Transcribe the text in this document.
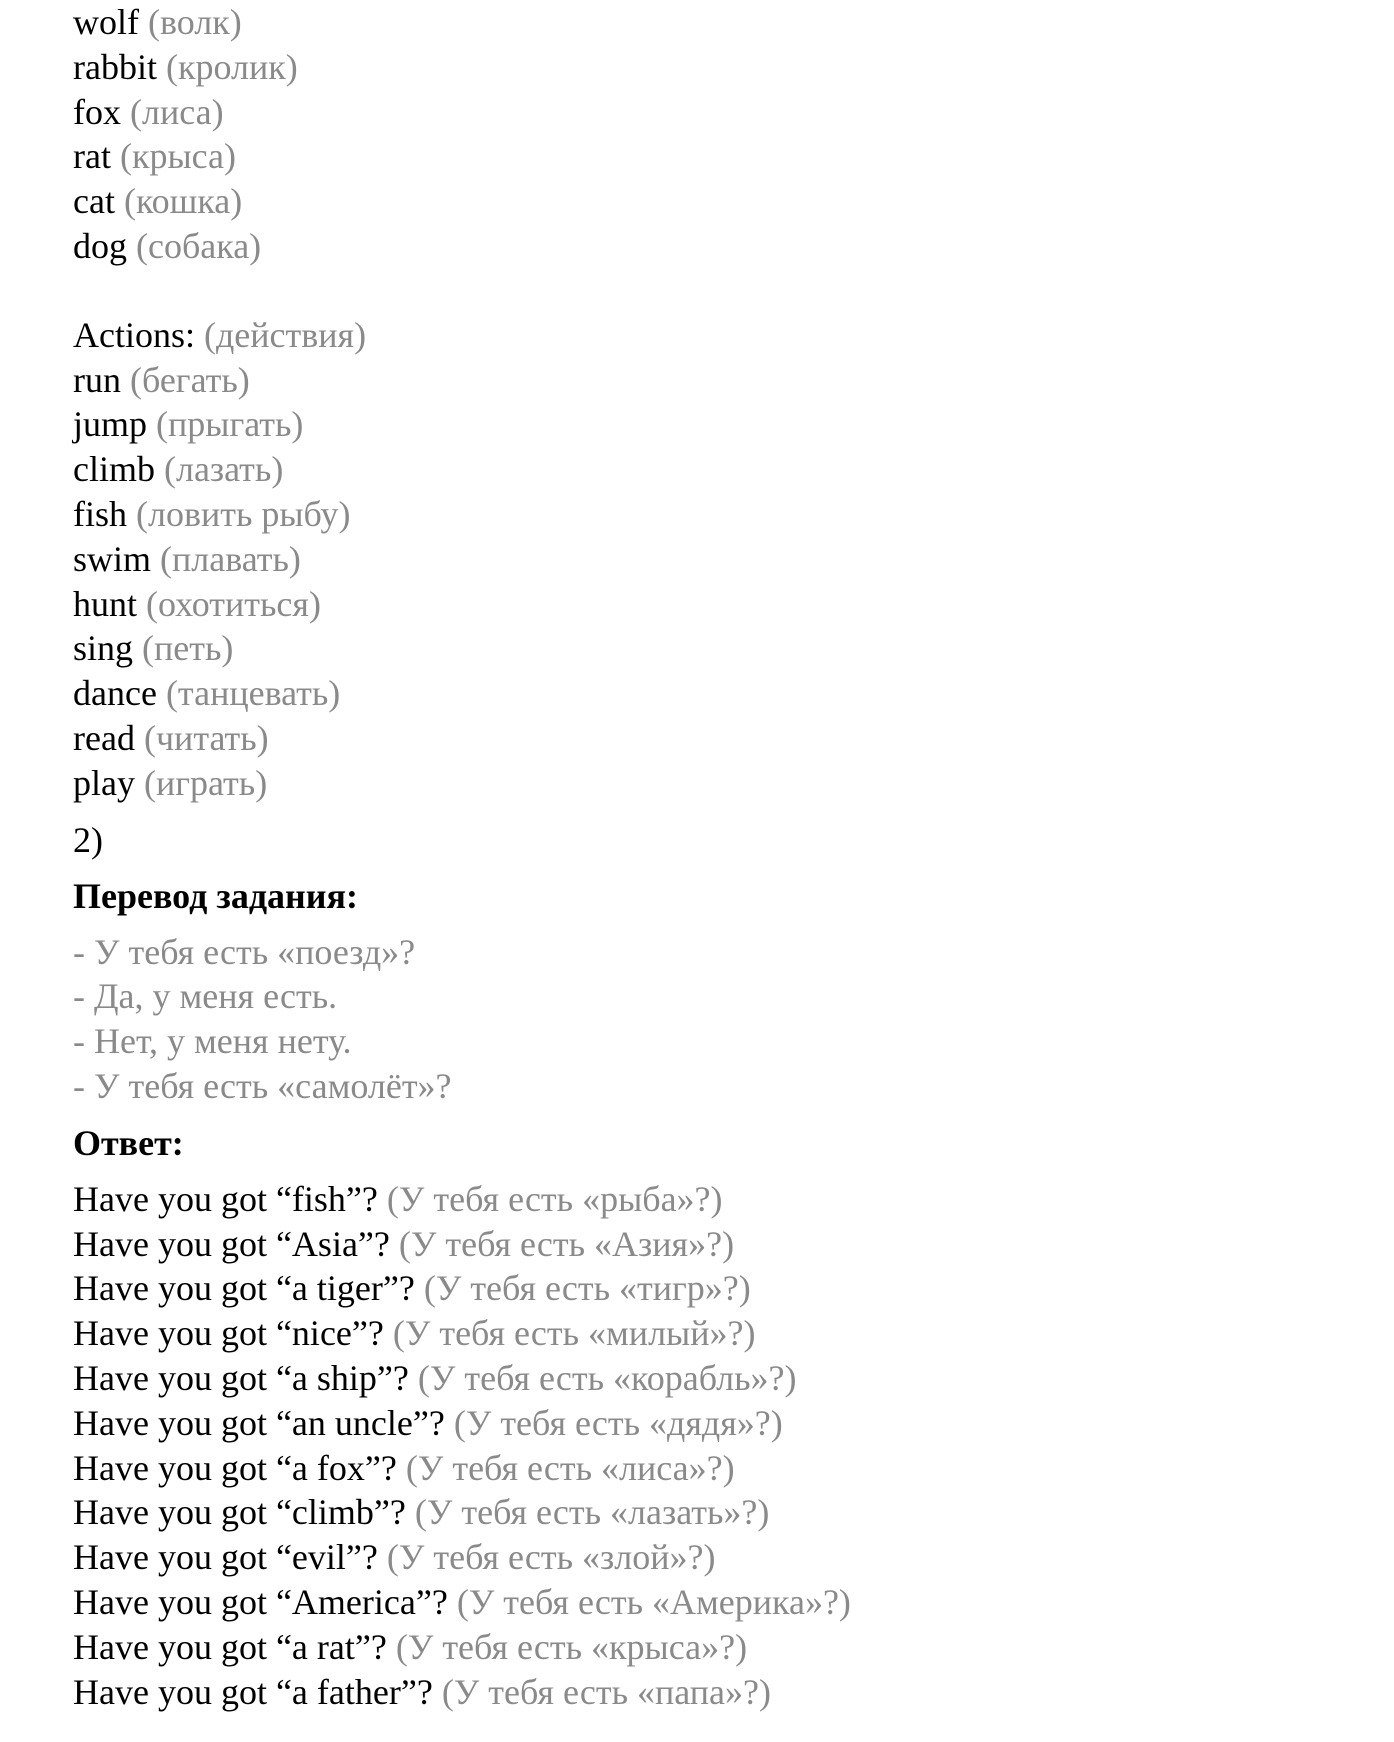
wolf (волк)
rabbit (кролик)
fox (лиса)
rat (крыса)
cat (кошка)
dog (собака)
Actions: (действия)
run (бегать)
jump (прыгать)
climb (лазать)
fish (ловить рыбу)
swim (плавать)
hunt (охотиться)
sing (петь)
dance (танцевать)
read (читать)
play (играть)
2)
Перевод задания:
- У тебя есть «поезд»?
- Да, у меня есть.
- Нет, у меня нету.
- У тебя есть «самолёт»?
Ответ:
Have you got “fish”? (У тебя есть «рыба»?)
Have you got “Asia”? (У тебя есть «Азия»?)
Have you got “a tiger”? (У тебя есть «тигр»?)
Have you got “nice”? (У тебя есть «милый»?)
Have you got “a ship”? (У тебя есть «корабль»?)
Have you got “an uncle”? (У тебя есть «дядя»?)
Have you got “a fox”? (У тебя есть «лиса»?)
Have you got “climb”? (У тебя есть «лазать»?)
Have you got “evil”? (У тебя есть «злой»?)
Have you got “America”? (У тебя есть «Америка»?)
Have you got “a rat”? (У тебя есть «крыса»?)
Have you got “a father”? (У тебя есть «папа»?)
